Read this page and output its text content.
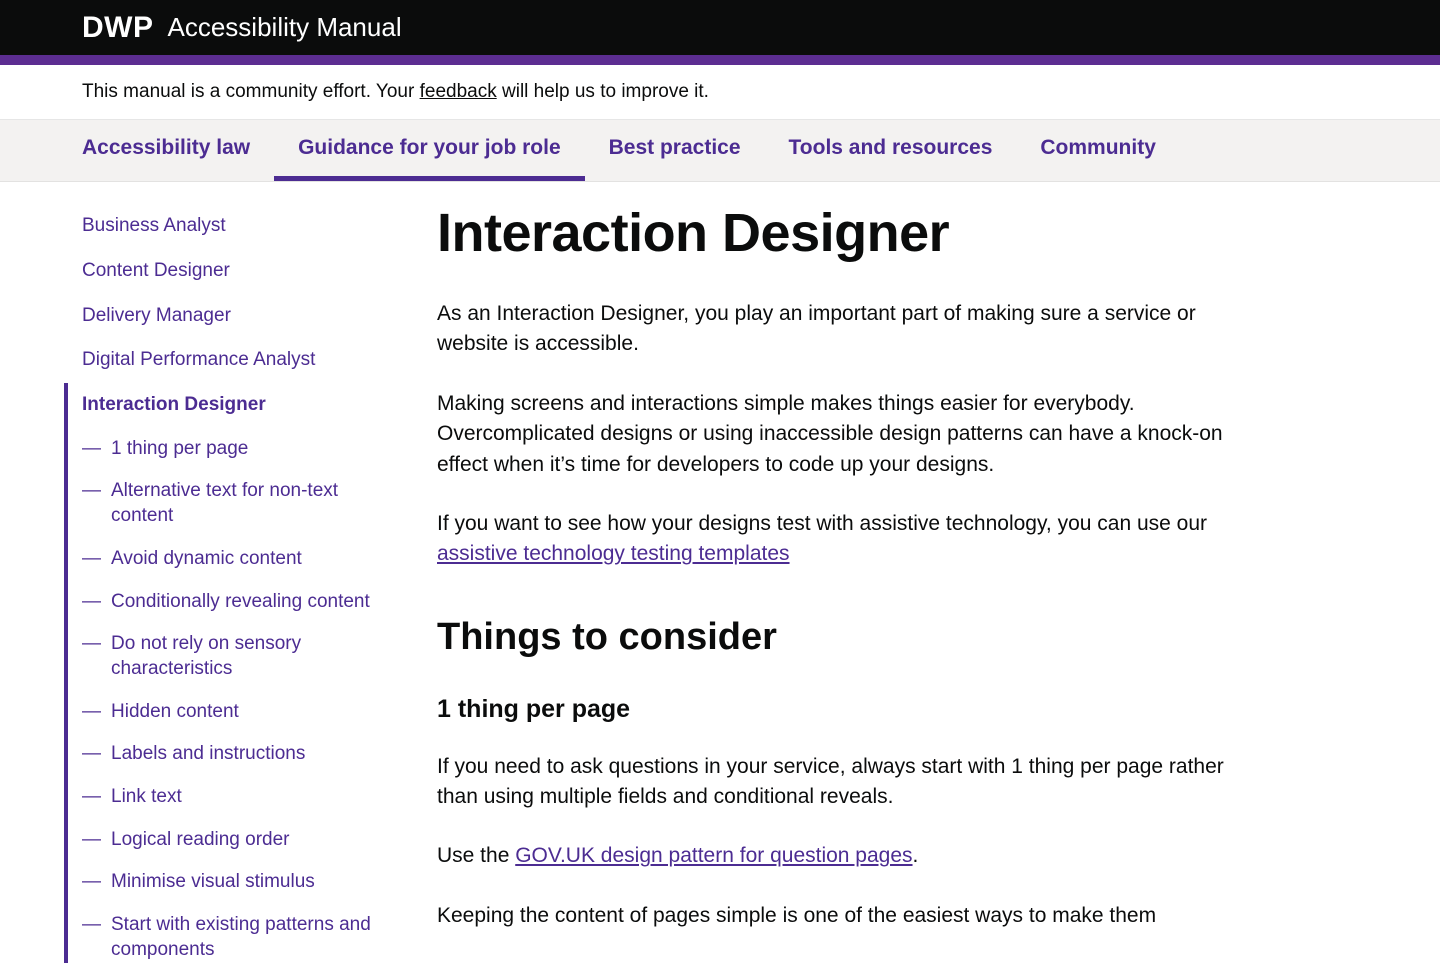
DWP Accessibility Manual
This manual is a community effort. Your feedback will help us to improve it.
Accessibility law	Guidance for your job role	Best practice	Tools and resources	Community
Business Analyst
Content Designer
Delivery Manager
Digital Performance Analyst
Interaction Designer
— 1 thing per page
— Alternative text for non-text content
— Avoid dynamic content
— Conditionally revealing content
— Do not rely on sensory characteristics
— Hidden content
— Labels and instructions
— Link text
— Logical reading order
— Minimise visual stimulus
— Start with existing patterns and components
Interaction Designer

As an Interaction Designer, you play an important part of making sure a service or website is accessible.

Making screens and interactions simple makes things easier for everybody. Overcomplicated designs or using inaccessible design patterns can have a knock-on effect when it’s time for developers to code up your designs.

If you want to see how your designs test with assistive technology, you can use our assistive technology testing templates

Things to consider
1 thing per page

If you need to ask questions in your service, always start with 1 thing per page rather than using multiple fields and conditional reveals.

Use the GOV.UK design pattern for question pages.

Keeping the content of pages simple is one of the easiest ways to make them
